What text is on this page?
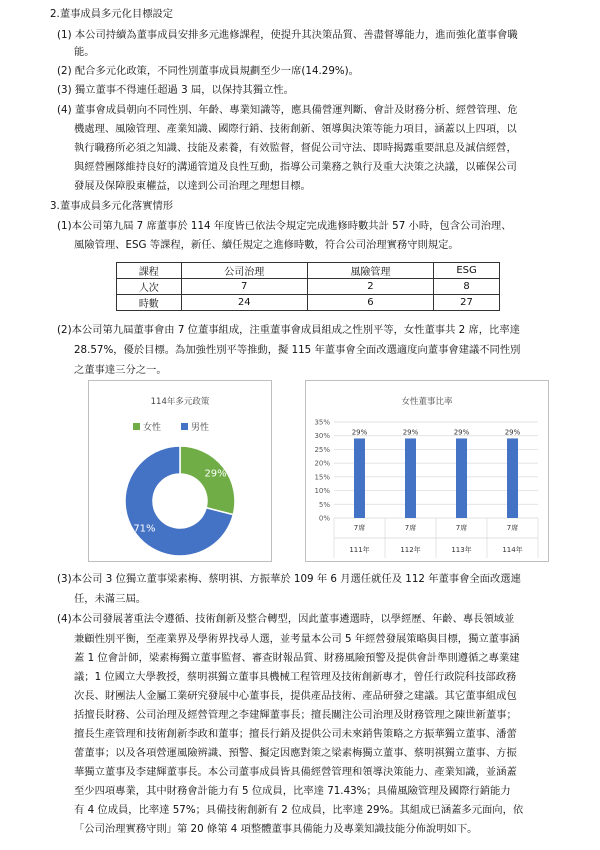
2.董事成員多元化目標設定
(1) 本公司持續為董事成員安排多元進修課程，使提升其決策品質、善盡督導能力，進而強化董事會職
能。
(2) 配合多元化政策，不同性別董事成員規劃至少一席(14.29%)。
(3) 獨立董事不得連任超過 3 屆，以保持其獨立性。
(4) 董事會成員朝向不同性別、年齡、專業知識等，應具備營運判斷、會計及財務分析、經營管理、危
機處理、風險管理、產業知識、國際行銷、技術創新、領導與決策等能力項目，涵蓋以上四項，以
執行職務所必須之知識、技能及素養，有效監督，督促公司守法、即時揭露重要訊息及誠信經營，
與經營團隊維持良好的溝通管道及良性互動，指導公司業務之執行及重大決策之決議，以確保公司
發展及保障股東權益，以達到公司治理之理想目標。
3.董事成員多元化落實情形
(1)本公司第九屆 7 席董事於 114 年度皆已依法令規定完成進修時數共計 57 小時，包含公司治理、
風險管理、ESG 等課程，新任、續任規定之進修時數，符合公司治理實務守則規定。
課程	公司治理	風險管理	ESG
人次	7	2	8
時數	24	6	27
(2)本公司第九屆董事會由 7 位董事組成，注重董事會成員組成之性別平等，女性董事共 2 席，比率達
28.57%，優於目標。為加強性別平等推動，擬 115 年董事會全面改選適度向董事會建議不同性別
之董事達三分之一。
114年多元政策
女性	男性
29%
71%
女性董事比率
35%
30%
25%
20%
15%
10%
5%
0%
29%
7席
111年
29%
7席
112年
29%
7席
113年
29%
7席
114年
(3)本公司 3 位獨立董事梁素梅、蔡明祺、方振華於 109 年 6 月選任就任及 112 年董事會全面改選連
任，未滿三屆。
(4)本公司發展著重法令遵循、技術創新及整合轉型，因此董事遴選時，以學經歷、年齡、專長領域並
兼顧性別平衡，至產業界及學術界找尋人選，並考量本公司 5 年經營發展策略與目標，獨立董事涵
蓋 1 位會計師，梁素梅獨立董事監督、審查財報品質、財務風險預警及提供會計準則遵循之專業建
議；1 位國立大學教授，蔡明祺獨立董事具機械工程管理及技術創新專才，曾任行政院科技部政務
次長、財團法人金屬工業研究發展中心董事長，提供產品技術、產品研發之建議。其它董事組成包
括擅長財務、公司治理及經營管理之李建輝董事長；擅長關注公司治理及財務管理之陳世新董事；
擅長生產管理和技術創新李政和董事；擅長行銷及提供公司未來銷售策略之方振華獨立董事、潘蕾
蕾董事；以及各項營運風險辨識、預警、擬定因應對策之梁素梅獨立董事、蔡明祺獨立董事、方振
華獨立董事及李建輝董事長。本公司董事成員皆具備經營管理和領導決策能力、產業知識，並涵蓋
至少四項專業，其中財務會計能力有 5 位成員，比率達 71.43%；具備風險管理及國際行銷能力
有 4 位成員，比率達 57%；具備技術創新有 2 位成員，比率達 29%。其組成已涵蓋多元面向，依
「公司治理實務守則」第 20 條第 4 項整體董事具備能力及專業知識技能分佈說明如下。
